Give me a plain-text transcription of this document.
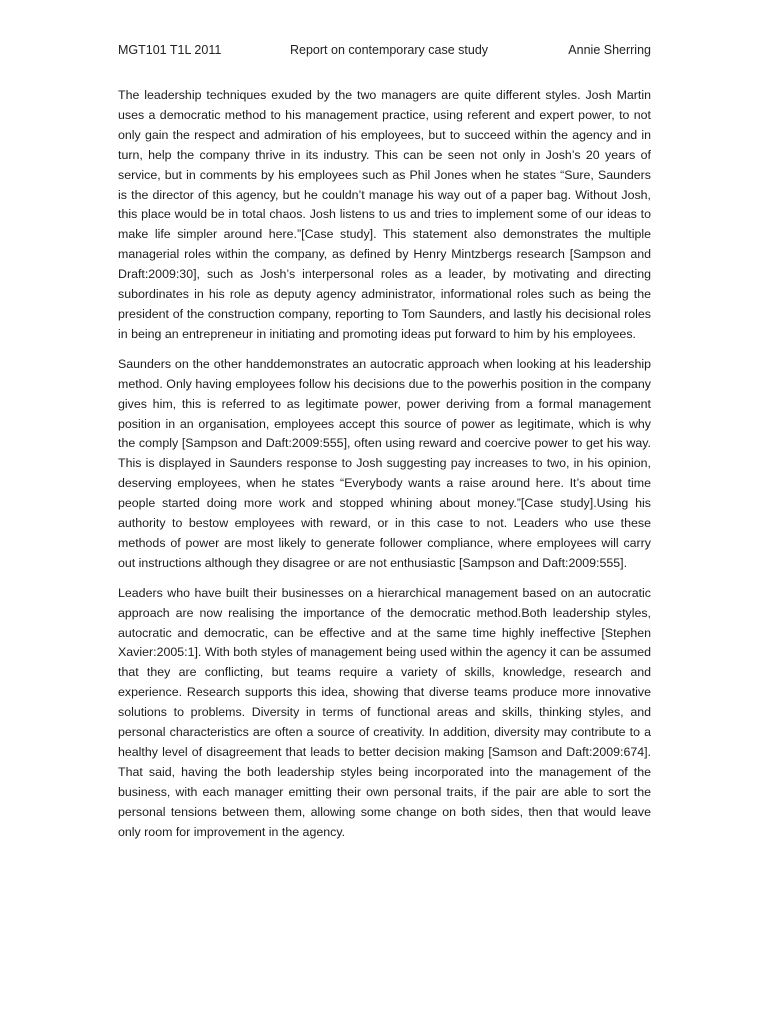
MGT101 T1L 2011	Report on contemporary case study	Annie Sherring

The leadership techniques exuded by the two managers are quite different styles. Josh Martin uses a democratic method to his management practice, using referent and expert power, to not only gain the respect and admiration of his employees, but to succeed within the agency and in turn, help the company thrive in its industry. This can be seen not only in Josh’s 20 years of service, but in comments by his employees such as Phil Jones when he states “Sure, Saunders is the director of this agency, but he couldn’t manage his way out of a paper bag. Without Josh, this place would be in total chaos. Josh listens to us and tries to implement some of our ideas to make life simpler around here.”[Case study]. This statement also demonstrates the multiple managerial roles within the company, as defined by Henry Mintzbergs research [Sampson and Draft:2009:30], such as Josh’s interpersonal roles as a leader, by motivating and directing subordinates in his role as deputy agency administrator, informational roles such as being the president of the construction company, reporting to Tom Saunders, and lastly his decisional roles in being an entrepreneur in initiating and promoting ideas put forward to him by his employees.

Saunders on the other handdemonstrates an autocratic approach when looking at his leadership method. Only having employees follow his decisions due to the powerhis position in the company gives him, this is referred to as legitimate power, power deriving from a formal management position in an organisation, employees accept this source of power as legitimate, which is why the comply [Sampson and Daft:2009:555], often using reward and coercive power to get his way. This is displayed in Saunders response to Josh suggesting pay increases to two, in his opinion, deserving employees, when he states “Everybody wants a raise around here. It’s about time people started doing more work and stopped whining about money.”[Case study].Using his authority to bestow employees with reward, or in this case to not. Leaders who use these methods of power are most likely to generate follower compliance, where employees will carry out instructions although they disagree or are not enthusiastic [Sampson and Daft:2009:555].

Leaders who have built their businesses on a hierarchical management based on an autocratic approach are now realising the importance of the democratic method.Both leadership styles, autocratic and democratic, can be effective and at the same time highly ineffective [Stephen Xavier:2005:1]. With both styles of management being used within the agency it can be assumed that they are conflicting, but teams require a variety of skills, knowledge, research and experience. Research supports this idea, showing that diverse teams produce more innovative solutions to problems. Diversity in terms of functional areas and skills, thinking styles, and personal characteristics are often a source of creativity. In addition, diversity may contribute to a healthy level of disagreement that leads to better decision making [Samson and Daft:2009:674]. That said, having the both leadership styles being incorporated into the management of the business, with each manager emitting their own personal traits, if the pair are able to sort the personal tensions between them, allowing some change on both sides, then that would leave only room for improvement in the agency.
